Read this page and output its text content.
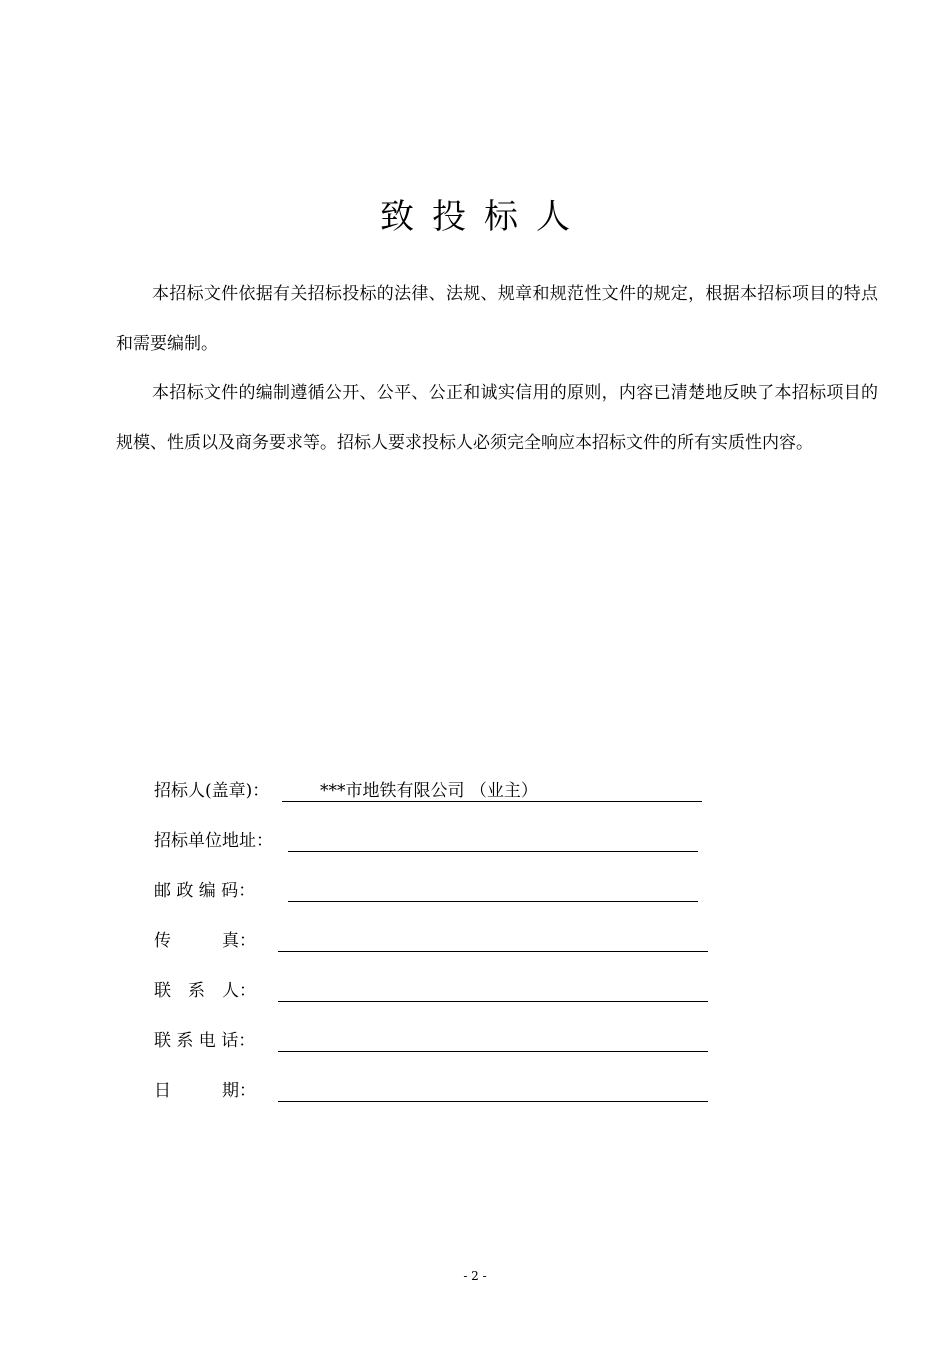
致投标人

本招标文件依据有关招标投标的法律、法规、规章和规范性文件的规定，根据本招标项目的特点和需要编制。

本招标文件的编制遵循公开、公平、公正和诚实信用的原则，内容已清楚地反映了本招标项目的规模、性质以及商务要求等。招标人要求投标人必须完全响应本招标文件的所有实质性内容。

招标人(盖章)：	***市地铁有限公司 （业主）
招标单位地址：
邮 政 编 码：
传　　　真：
联　系　人：
联 系 电 话：
日　　　期：
- 2 -
